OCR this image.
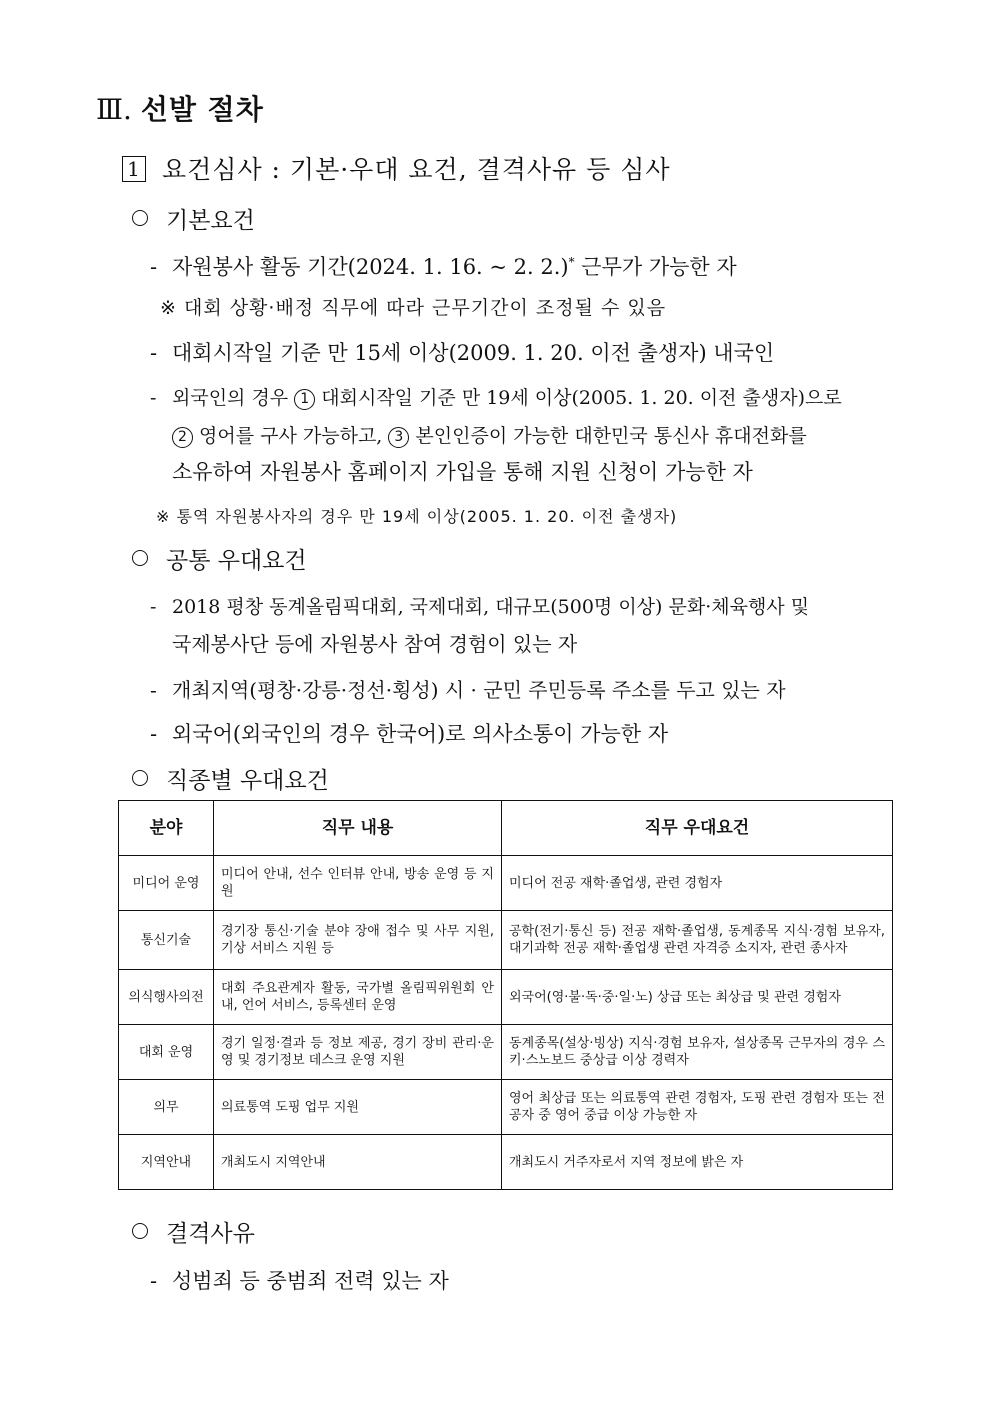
Ⅲ. 선발 절차
1 요건심사 : 기본·우대 요건, 결격사유 등 심사
기본요건
- 자원봉사 활동 기간(2024. 1. 16. ~ 2. 2.)* 근무가 가능한 자
※ 대회 상황·배정 직무에 따라 근무기간이 조정될 수 있음
- 대회시작일 기준 만 15세 이상(2009. 1. 20. 이전 출생자) 내국인
- 외국인의 경우 1 대회시작일 기준 만 19세 이상(2005. 1. 20. 이전 출생자)으로
2 영어를 구사 가능하고, 3 본인인증이 가능한 대한민국 통신사 휴대전화를
소유하여 자원봉사 홈페이지 가입을 통해 지원 신청이 가능한 자
※ 통역 자원봉사자의 경우 만 19세 이상(2005. 1. 20. 이전 출생자)
공통 우대요건
- 2018 평창 동계올림픽대회, 국제대회, 대규모(500명 이상) 문화·체육행사 및
국제봉사단 등에 자원봉사 참여 경험이 있는 자
- 개최지역(평창·강릉·정선·횡성) 시 · 군민 주민등록 주소를 두고 있는 자
- 외국어(외국인의 경우 한국어)로 의사소통이 가능한 자
직종별 우대요건
분야	직무 내용	직무 우대요건
미디어 운영	미디어 안내, 선수 인터뷰 안내, 방송 운영 등 지원	미디어 전공 재학·졸업생, 관련 경험자
통신기술	경기장 통신·기술 분야 장애 접수 및 사무 지원, 기상 서비스 지원 등	공학(전기·통신 등) 전공 재학·졸업생, 동계종목 지식·경험 보유자, 대기과학 전공 재학·졸업생 관련 자격증 소지자, 관련 종사자
의식행사의전	대회 주요관계자 활동, 국가별 올림픽위원회 안내, 언어 서비스, 등록센터 운영	외국어(영·불·독·중·일·노) 상급 또는 최상급 및 관련 경험자
대회 운영	경기 일정·결과 등 정보 제공, 경기 장비 관리·운영 및 경기정보 데스크 운영 지원	동계종목(설상·빙상) 지식·경험 보유자, 설상종목 근무자의 경우 스키·스노보드 중상급 이상 경력자
의무	의료통역 도핑 업무 지원	영어 최상급 또는 의료통역 관련 경험자, 도핑 관련 경험자 또는 전공자 중 영어 중급 이상 가능한 자
지역안내	개최도시 지역안내	개최도시 거주자로서 지역 정보에 밝은 자
결격사유
- 성범죄 등 중범죄 전력 있는 자
